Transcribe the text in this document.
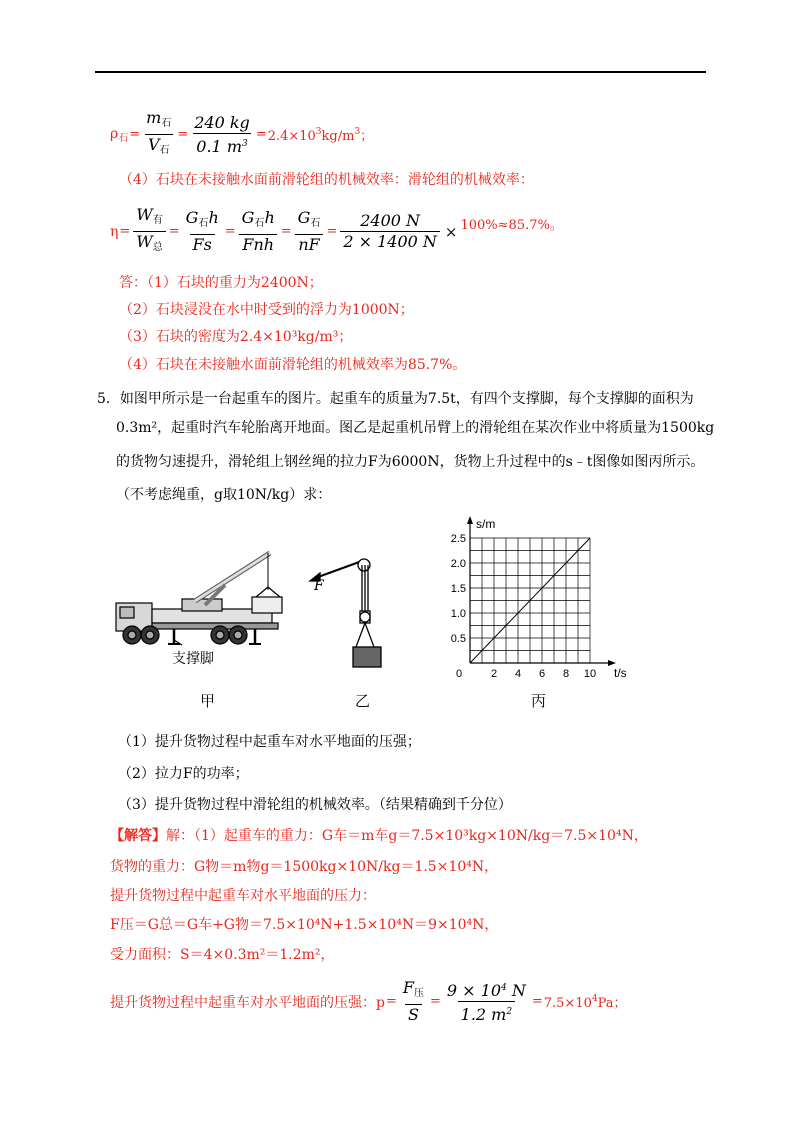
$\rho_石 = \frac{m_石}{V_石} = \frac{240 kg}{0.1 m^3} = 2.4\times 10^3kg/m^3$；
（4）石块在未接触水面前滑轮组的机械效率：滑轮组的机械效率：
$\eta = \frac{W_有}{W_总} = \frac{G_石h}{Fs} = \frac{G_石h}{\text{Fnh}} = \frac{G_石}{nF} = \frac{2400 N}{2 \times 1400 N} \times 100\%\approx 85.7\%$。
答：（1）石块的重力为2400N；
（2）石块浸没在水中时受到的浮力为1000N；
（3）石块的密度为2.4×10³kg/m³；
（4）石块在未接触水面前滑轮组的机械效率为85.7%。
5．如图甲所示是一台起重车的图片。起重车的质量为7.5t，有四个支撑脚，每个支撑脚的面积为
0.3m²，起重时汽车轮胎离开地面。图乙是起重机吊臂上的滑轮组在某次作业中将质量为1500kg
的货物匀速提升，滑轮组上钢丝绳的拉力F为6000N，货物上升过程中的s﹣t图像如图丙所示。
（不考虑绳重，g取10N/kg）求：
支撑脚
甲
F
乙
0.5
1.0
1.5
2.0
2.5
2 4 6 8 10
0
s/m
t/s
丙
（1）提升货物过程中起重车对水平地面的压强；
（2）拉力F的功率；
（3）提升货物过程中滑轮组的机械效率。（结果精确到千分位）
【解答】解：（1）起重车的重力：G车＝m车g＝7.5×10³kg×10N/kg＝7.5×10⁴N，
货物的重力：G物＝m物g＝1500kg×10N/kg＝1.5×10⁴N，
提升货物过程中起重车对水平地面的压力：
F压＝G总＝G车+G物＝7.5×10⁴N+1.5×10⁴N＝9×10⁴N，
受力面积：S＝4×0.3m²＝1.2m²，
提升货物过程中起重车对水平地面的压强：$p = \frac{F_压}{S} = \frac{9 \times 10^4 N}{1.2 m^2} = 7.5\times 10^4Pa$；
